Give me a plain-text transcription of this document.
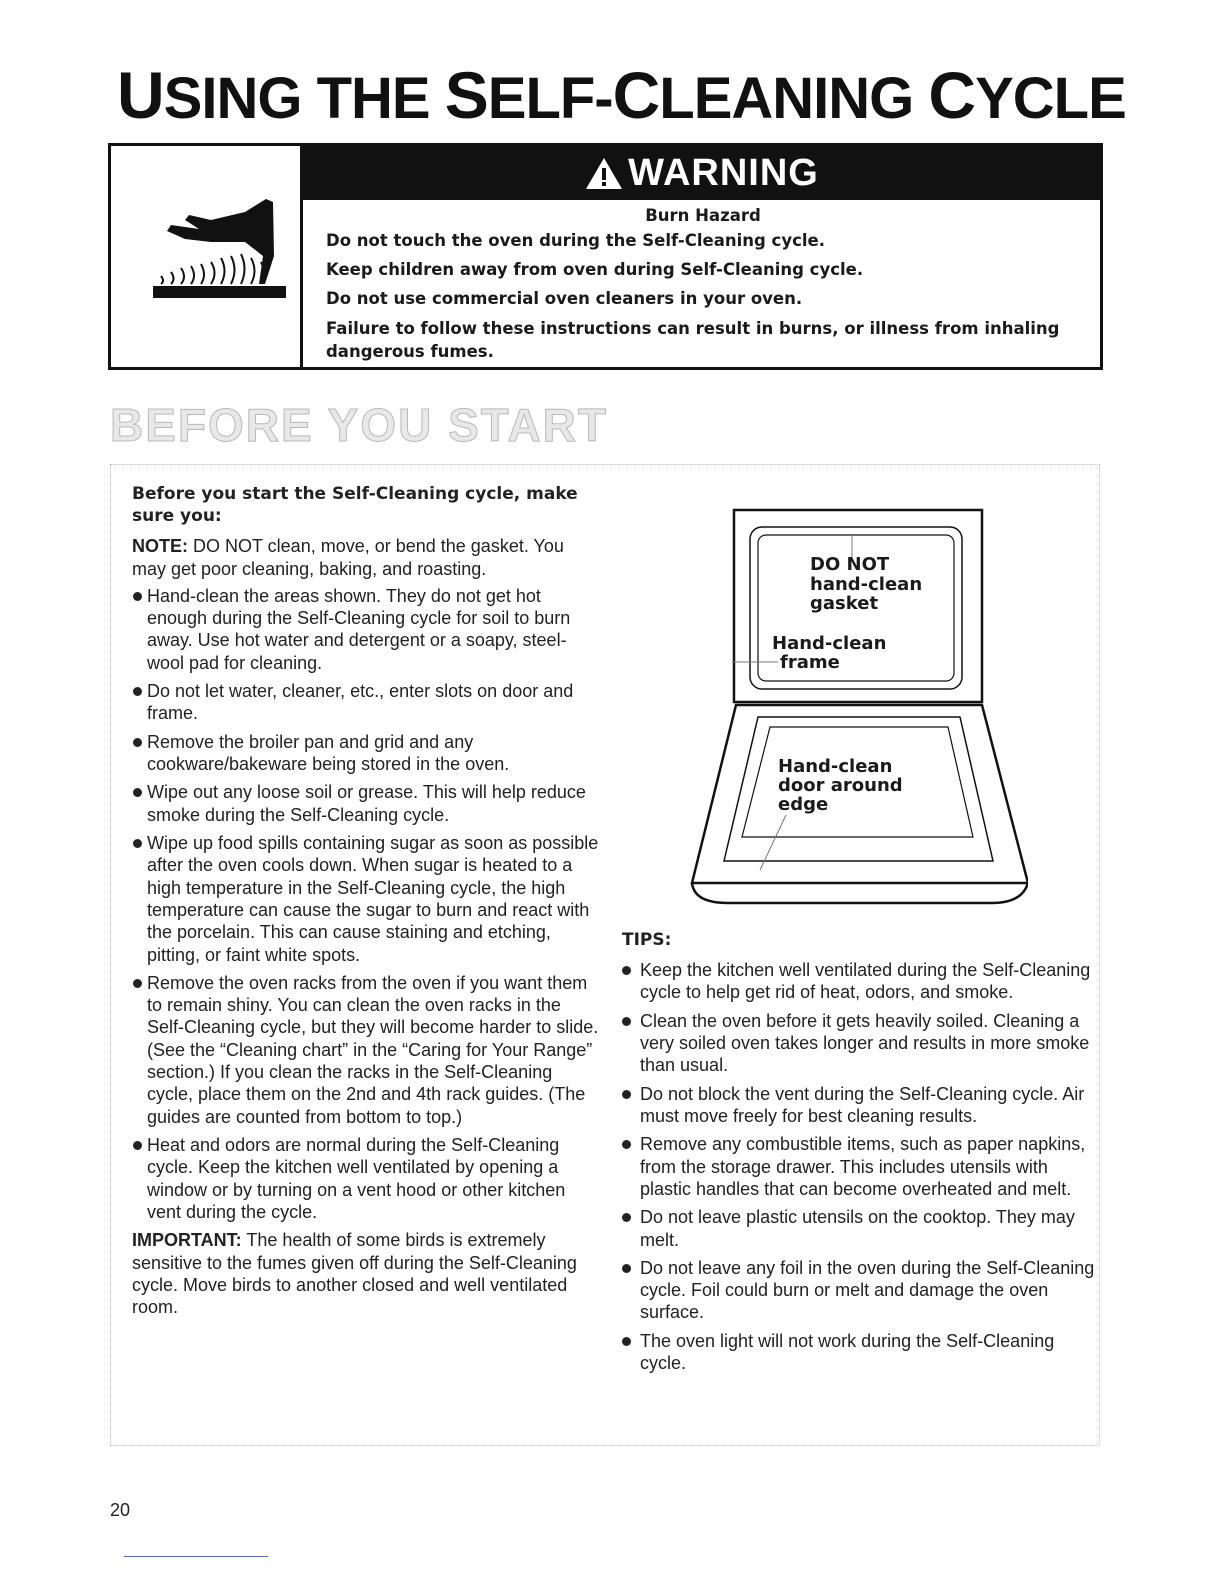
USING THE SELF-CLEANING CYCLE
WARNING
Burn Hazard
Do not touch the oven during the Self-Cleaning cycle.
Keep children away from oven during Self-Cleaning cycle.
Do not use commercial oven cleaners in your oven.
Failure to follow these instructions can result in burns, or illness from inhaling dangerous fumes.
BEFORE YOU START

Before you start the Self-Cleaning cycle, make sure you:

NOTE: DO NOT clean, move, or bend the gasket. You may get poor cleaning, baking, and roasting.

Hand-clean the areas shown. They do not get hot enough during the Self-Cleaning cycle for soil to burn away. Use hot water and detergent or a soapy, steel-wool pad for cleaning.
Do not let water, cleaner, etc., enter slots on door and frame.
Remove the broiler pan and grid and any cookware/bakeware being stored in the oven.
Wipe out any loose soil or grease. This will help reduce smoke during the Self-Cleaning cycle.
Wipe up food spills containing sugar as soon as possible after the oven cools down. When sugar is heated to a high temperature in the Self-Cleaning cycle, the high temperature can cause the sugar to burn and react with the porcelain. This can cause staining and etching, pitting, or faint white spots.
Remove the oven racks from the oven if you want them to remain shiny. You can clean the oven racks in the Self-Cleaning cycle, but they will become harder to slide. (See the “Cleaning chart” in the “Caring for Your Range” section.) If you clean the racks in the Self-Cleaning cycle, place them on the 2nd and 4th rack guides. (The guides are counted from bottom to top.)
Heat and odors are normal during the Self-Cleaning cycle. Keep the kitchen well ventilated by opening a window or by turning on a vent hood or other kitchen vent during the cycle.

IMPORTANT: The health of some birds is extremely sensitive to the fumes given off during the Self-Cleaning cycle. Move birds to another closed and well ventilated room.

DO NOT
hand-clean
gasket
Hand-clean
frame
Hand-clean
door around
edge

TIPS:

Keep the kitchen well ventilated during the Self-Cleaning cycle to help get rid of heat, odors, and smoke.
Clean the oven before it gets heavily soiled. Cleaning a very soiled oven takes longer and results in more smoke than usual.
Do not block the vent during the Self-Cleaning cycle. Air must move freely for best cleaning results.
Remove any combustible items, such as paper napkins, from the storage drawer. This includes utensils with plastic handles that can become overheated and melt.
Do not leave plastic utensils on the cooktop. They may melt.
Do not leave any foil in the oven during the Self-Cleaning cycle. Foil could burn or melt and damage the oven surface.
The oven light will not work during the Self-Cleaning cycle.
20
